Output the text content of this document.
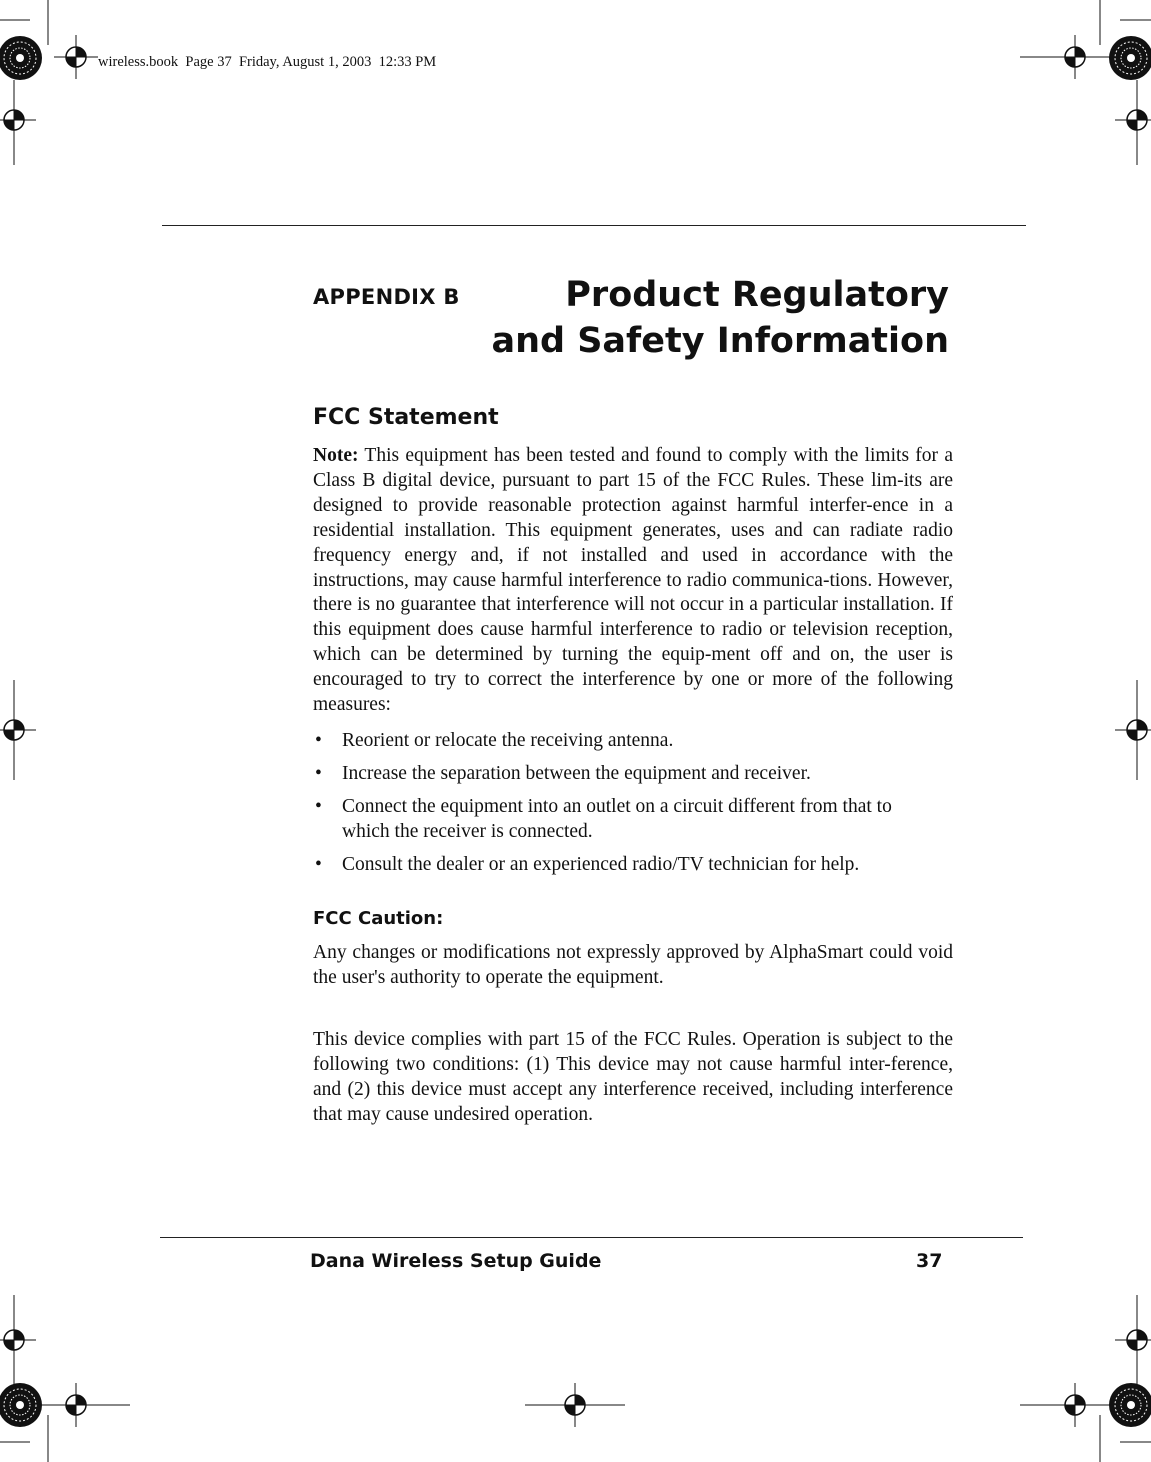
wireless.book  Page 37  Friday, August 1, 2003  12:33 PM
APPENDIX B	Product Regulatory
and Safety Information
FCC Statement

Note: This equipment has been tested and found to comply with the limits for a Class B digital device, pursuant to part 15 of the FCC Rules. These lim-its are designed to provide reasonable protection against harmful interfer-ence in a residential installation. This equipment generates, uses and can radiate radio frequency energy and, if not installed and used in accordance with the instructions, may cause harmful interference to radio communica-tions. However, there is no guarantee that interference will not occur in a particular installation. If this equipment does cause harmful interference to radio or television reception, which can be determined by turning the equip-ment off and on, the user is encouraged to try to correct the interference by one or more of the following measures:

• Reorient or relocate the receiving antenna.
• Increase the separation between the equipment and receiver.
• Connect the equipment into an outlet on a circuit different from that to which the receiver is connected.
• Consult the dealer or an experienced radio/TV technician for help.
FCC Caution:

Any changes or modifications not expressly approved by AlphaSmart could void the user's authority to operate the equipment.

This device complies with part 15 of the FCC Rules. Operation is subject to the following two conditions: (1) This device may not cause harmful inter-ference, and (2) this device must accept any interference received, including interference that may cause undesired operation.

Dana Wireless Setup Guide	37
